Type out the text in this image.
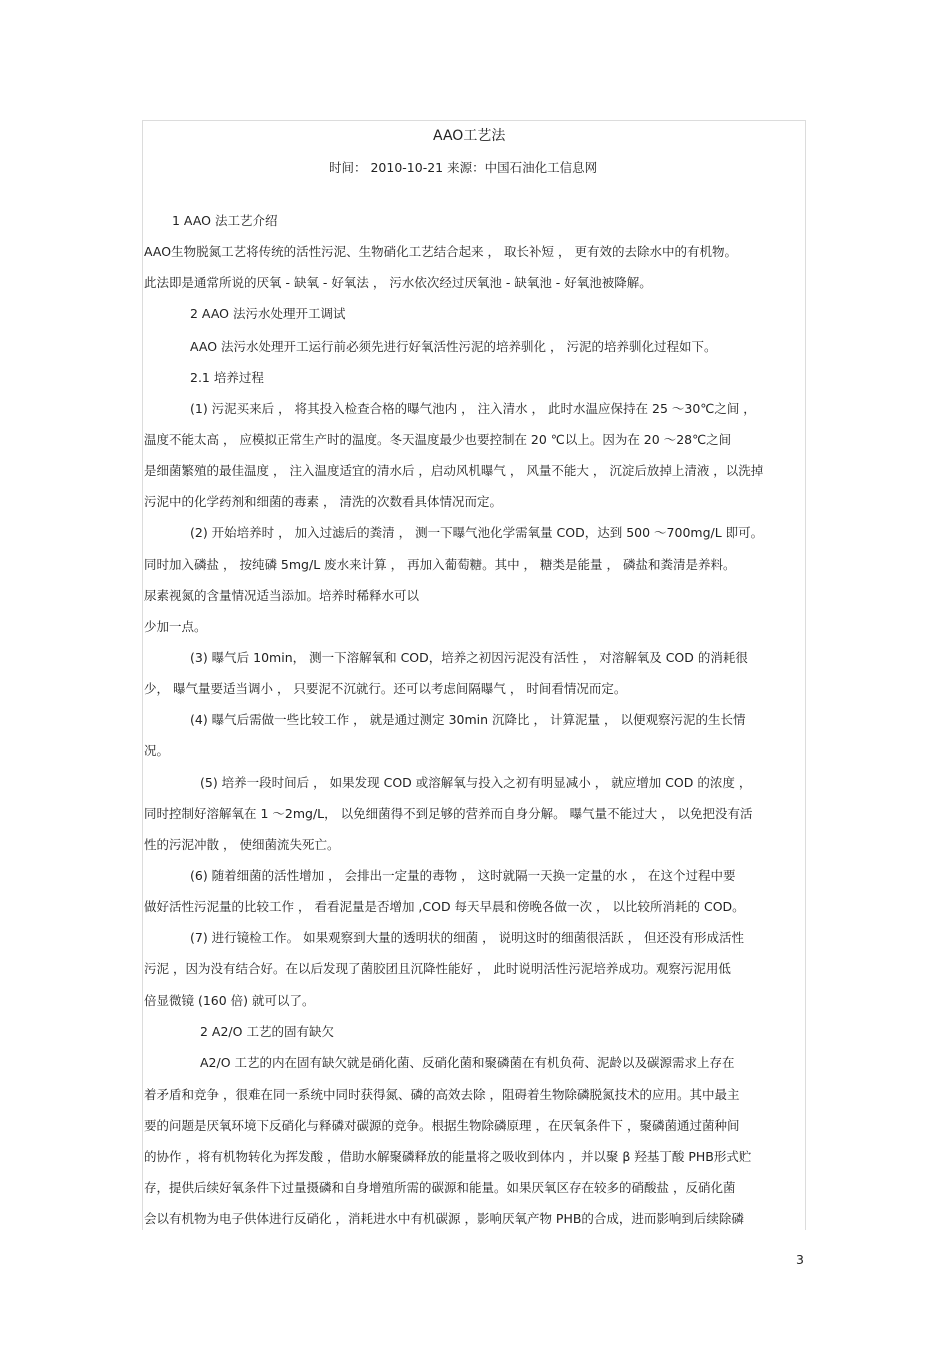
AAO工艺法
时间： 2010-10-21 来源：中国石油化工信息网
1 AAO 法工艺介绍
AAO生物脱氮工艺将传统的活性污泥、生物硝化工艺结合起来 ， 取长补短 ， 更有效的去除水中的有机物。
此法即是通常所说的厌氧 - 缺氧 - 好氧法 ， 污水依次经过厌氧池 - 缺氧池 - 好氧池被降解。
2 AAO 法污水处理开工调试
AAO 法污水处理开工运行前必须先进行好氧活性污泥的培养驯化 ， 污泥的培养驯化过程如下。
2.1 培养过程
(1) 污泥买来后 ， 将其投入检查合格的曝气池内 ， 注入清水 ， 此时水温应保持在 25 ～30℃之间 ，
温度不能太高 ， 应模拟正常生产时的温度。冬天温度最少也要控制在 20 ℃以上。因为在 20 ～28℃之间
是细菌繁殖的最佳温度 ， 注入温度适宜的清水后 ，启动风机曝气 ， 风量不能大 ， 沉淀后放掉上清液 ，以洗掉
污泥中的化学药剂和细菌的毒素 ， 清洗的次数看具体情况而定。
(2) 开始培养时 ， 加入过滤后的粪清 ， 测一下曝气池化学需氧量 COD，达到 500 ～700mg/L 即可。
同时加入磷盐 ， 按纯磷 5mg/L 废水来计算 ， 再加入葡萄糖。其中 ， 糖类是能量 ， 磷盐和粪清是养料。
尿素视氮的含量情况适当添加。培养时稀释水可以
少加一点。
(3) 曝气后 10min， 测一下溶解氧和 COD，培养之初因污泥没有活性 ， 对溶解氧及 COD 的消耗很
少， 曝气量要适当调小 ， 只要泥不沉就行。还可以考虑间隔曝气 ， 时间看情况而定。
(4) 曝气后需做一些比较工作 ， 就是通过测定 30min 沉降比 ， 计算泥量 ， 以便观察污泥的生长情
况。
(5) 培养一段时间后 ， 如果发现 COD 或溶解氧与投入之初有明显减小 ， 就应增加 COD 的浓度 ，
同时控制好溶解氧在 1 ～2mg/L， 以免细菌得不到足够的营养而自身分解。 曝气量不能过大 ， 以免把没有活
性的污泥冲散 ， 使细菌流失死亡。
(6) 随着细菌的活性增加 ， 会排出一定量的毒物 ， 这时就隔一天换一定量的水 ， 在这个过程中要
做好活性污泥量的比较工作 ， 看看泥量是否增加 ,COD 每天早晨和傍晚各做一次 ， 以比较所消耗的 COD。
(7) 进行镜检工作。 如果观察到大量的透明状的细菌 ， 说明这时的细菌很活跃 ， 但还没有形成活性
污泥 ，因为没有结合好。在以后发现了菌胶团且沉降性能好 ， 此时说明活性污泥培养成功。观察污泥用低
倍显微镜 (160 倍) 就可以了。
2 A2/O 工艺的固有缺欠
A2/O 工艺的内在固有缺欠就是硝化菌、反硝化菌和聚磷菌在有机负荷、泥龄以及碳源需求上存在
着矛盾和竞争 ，很难在同一系统中同时获得氮、磷的高效去除 ，阻碍着生物除磷脱氮技术的应用。其中最主
要的问题是厌氧环境下反硝化与释磷对碳源的竞争。根据生物除磷原理 ，在厌氧条件下 ，聚磷菌通过菌种间
的协作 ，将有机物转化为挥发酸 ，借助水解聚磷释放的能量将之吸收到体内 ，并以聚 β 羟基丁酸 PHB形式贮
存，提供后续好氧条件下过量摄磷和自身增殖所需的碳源和能量。如果厌氧区存在较多的硝酸盐 ，反硝化菌
会以有机物为电子供体进行反硝化 ，消耗进水中有机碳源 ，影响厌氧产物 PHB的合成，进而影响到后续除磷
3
